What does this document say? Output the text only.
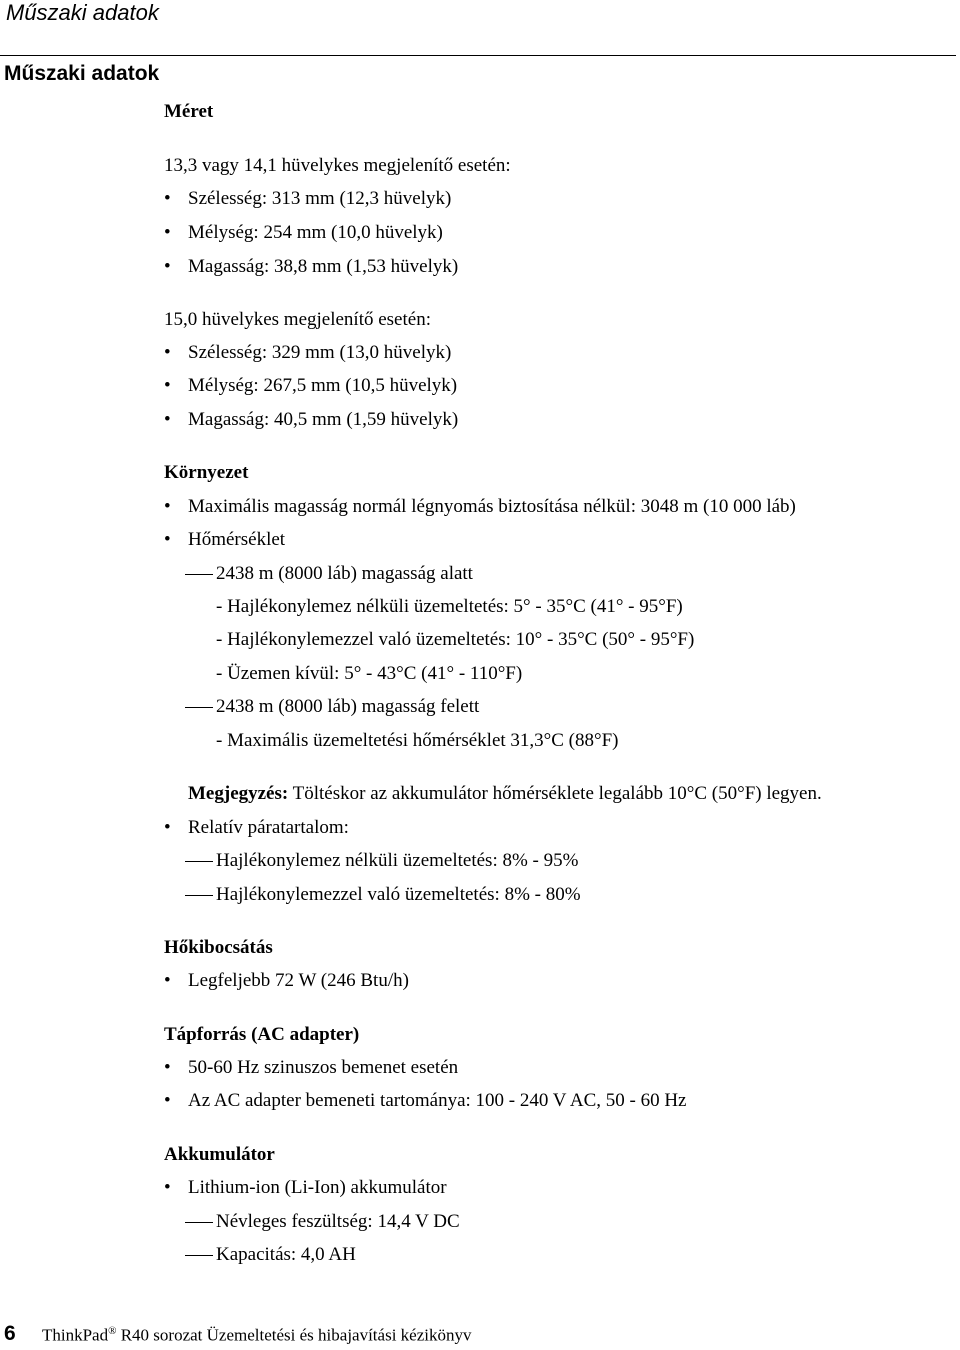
Műszaki adatok
Műszaki adatok
Méret
13,3 vagy 14,1 hüvelykes megjelenítő esetén:
• Szélesség: 313 mm (12,3 hüvelyk)
• Mélység: 254 mm (10,0 hüvelyk)
• Magasság: 38,8 mm (1,53 hüvelyk)
15,0 hüvelykes megjelenítő esetén:
• Szélesség: 329 mm (13,0 hüvelyk)
• Mélység: 267,5 mm (10,5 hüvelyk)
• Magasság: 40,5 mm (1,59 hüvelyk)
Környezet
• Maximális magasság normál légnyomás biztosítása nélkül: 3048 m (10 000 láb)
• Hőmérséklet
2438 m (8000 láb) magasság alatt
- Hajlékonylemez nélküli üzemeltetés: 5° - 35°C (41° - 95°F)
- Hajlékonylemezzel való üzemeltetés: 10° - 35°C (50° - 95°F)
- Üzemen kívül: 5° - 43°C (41° - 110°F)
2438 m (8000 láb) magasság felett
- Maximális üzemeltetési hőmérséklet 31,3°C (88°F)
Megjegyzés: Töltéskor az akkumulátor hőmérséklete legalább 10°C (50°F) legyen.
• Relatív páratartalom:
Hajlékonylemez nélküli üzemeltetés: 8% - 95%
Hajlékonylemezzel való üzemeltetés: 8% - 80%
Hőkibocsátás
• Legfeljebb 72 W (246 Btu/h)
Tápforrás (AC adapter)
• 50-60 Hz szinuszos bemenet esetén
• Az AC adapter bemeneti tartománya: 100 - 240 V AC, 50 - 60 Hz
Akkumulátor
• Lithium-ion (Li-Ion) akkumulátor
Névleges feszültség: 14,4 V DC
Kapacitás: 4,0 AH
6 ThinkPad® R40 sorozat Üzemeltetési és hibajavítási kézikönyv
